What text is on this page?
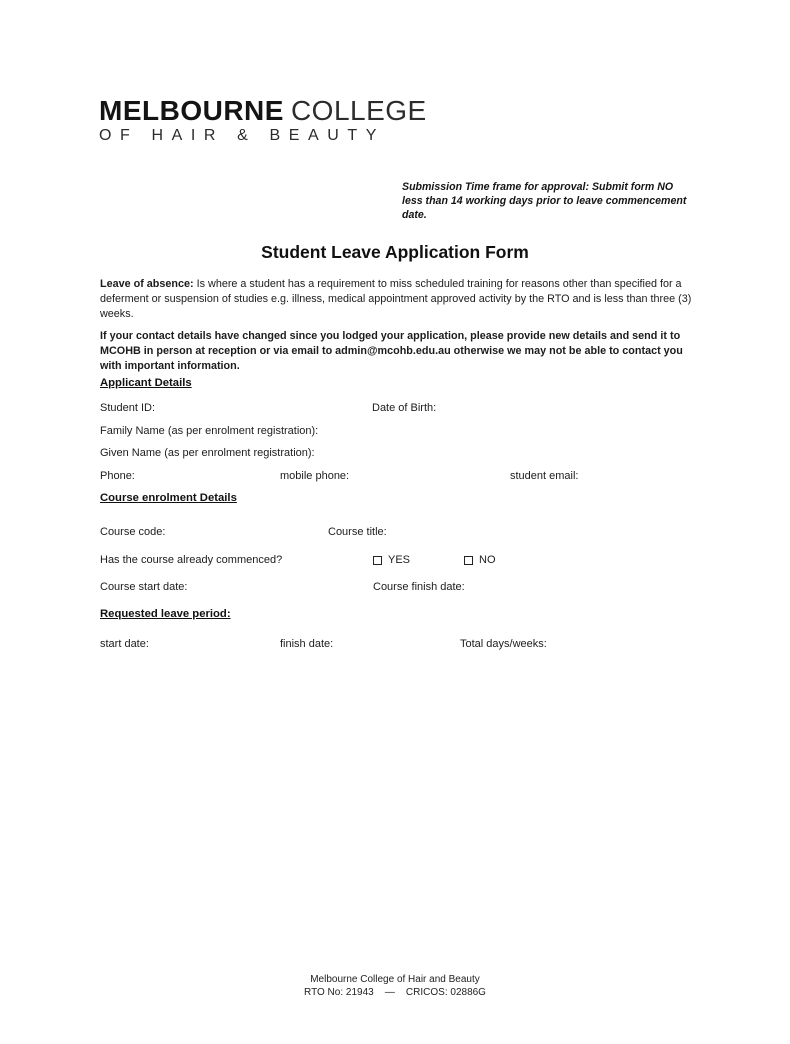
MELBOURNE COLLEGE
OF HAIR & BEAUTY
Submission Time frame for approval: Submit form NO less than 14 working days prior to leave commencement date.
Student Leave Application Form
Leave of absence: Is where a student has a requirement to miss scheduled training for reasons other than specified for a deferment or suspension of studies e.g. illness, medical appointment approved activity by the RTO and is less than three (3) weeks.
If your contact details have changed since you lodged your application, please provide new details and send it to MCOHB in person at reception or via email to admin@mcohb.edu.au otherwise we may not be able to contact you with important information.
Applicant Details
Student ID:	Date of Birth:
Family Name (as per enrolment registration):
Given Name (as per enrolment registration):
Phone:	mobile phone:	student email:
Course enrolment Details
Course code:	Course title:
Has the course already commenced?	YES	NO
Course start date:	Course finish date:
Requested leave period:
start date:	finish date:	Total days/weeks:
Melbourne College of Hair and Beauty
RTO No: 21943    —    CRICOS: 02886G
